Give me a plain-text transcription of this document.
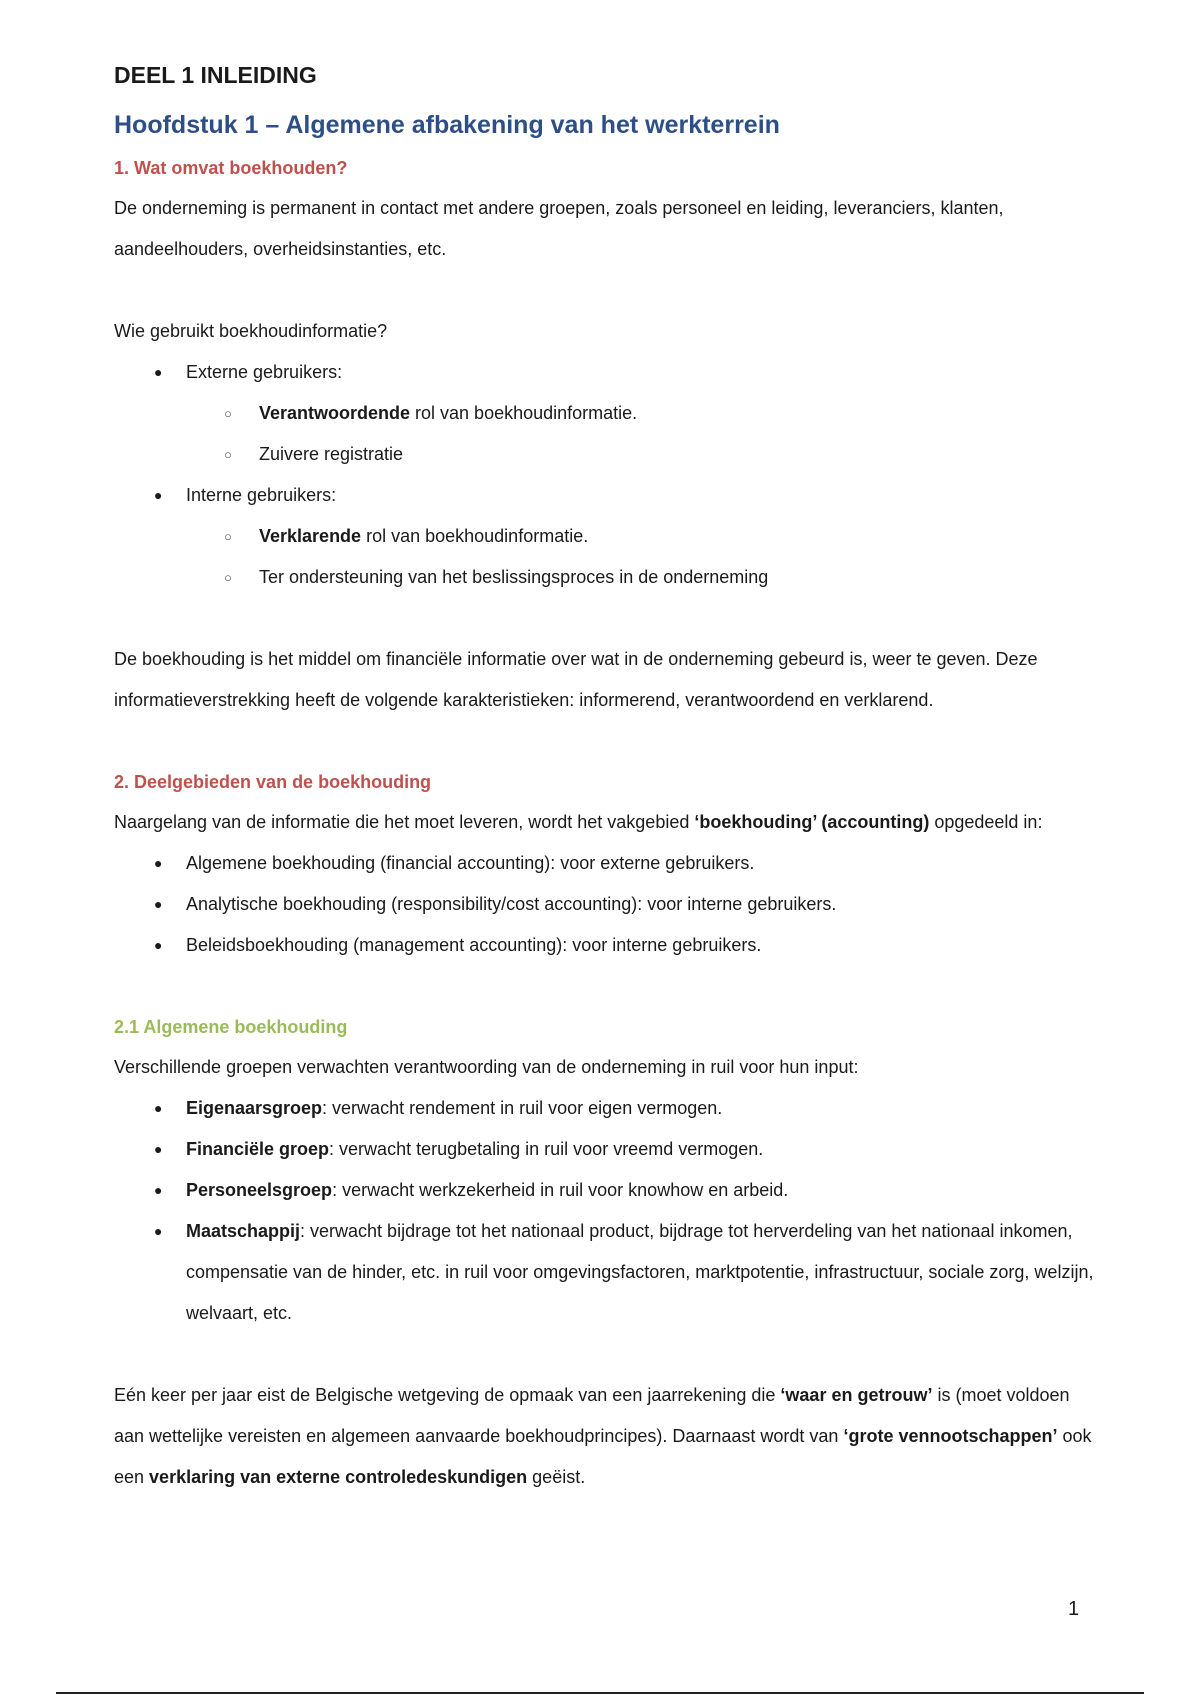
DEEL 1 INLEIDING
Hoofdstuk 1 – Algemene afbakening van het werkterrein
1. Wat omvat boekhouden?

De onderneming is permanent in contact met andere groepen, zoals personeel en leiding, leveranciers, klanten, aandeelhouders, overheidsinstanties, etc.

Wie gebruikt boekhoudinformatie?

●	Externe gebruikers:
○	Verantwoordende rol van boekhoudinformatie.
○	Zuivere registratie
●	Interne gebruikers:
○	Verklarende rol van boekhoudinformatie.
○	Ter ondersteuning van het beslissingsproces in de onderneming

De boekhouding is het middel om financiële informatie over wat in de onderneming gebeurd is, weer te geven. Deze informatieverstrekking heeft de volgende karakteristieken: informerend, verantwoordend en verklarend.

2. Deelgebieden van de boekhouding

Naargelang van de informatie die het moet leveren, wordt het vakgebied ‘boekhouding’ (accounting) opgedeeld in:

●	Algemene boekhouding (financial accounting): voor externe gebruikers.
●	Analytische boekhouding (responsibility/cost accounting): voor interne gebruikers.
●	Beleidsboekhouding (management accounting): voor interne gebruikers.
2.1 Algemene boekhouding

Verschillende groepen verwachten verantwoording van de onderneming in ruil voor hun input:

●	Eigenaarsgroep: verwacht rendement in ruil voor eigen vermogen.
●	Financiële groep: verwacht terugbetaling in ruil voor vreemd vermogen.
●	Personeelsgroep: verwacht werkzekerheid in ruil voor knowhow en arbeid.
●	Maatschappij: verwacht bijdrage tot het nationaal product, bijdrage tot herverdeling van het nationaal inkomen, compensatie van de hinder, etc. in ruil voor omgevingsfactoren, marktpotentie, infrastructuur, sociale zorg, welzijn, welvaart, etc.

Eén keer per jaar eist de Belgische wetgeving de opmaak van een jaarrekening die ‘waar en getrouw’ is (moet voldoen aan wettelijke vereisten en algemeen aanvaarde boekhoudprincipes). Daarnaast wordt van ‘grote vennootschappen’ ook een verklaring van externe controledeskundigen geëist.

1
